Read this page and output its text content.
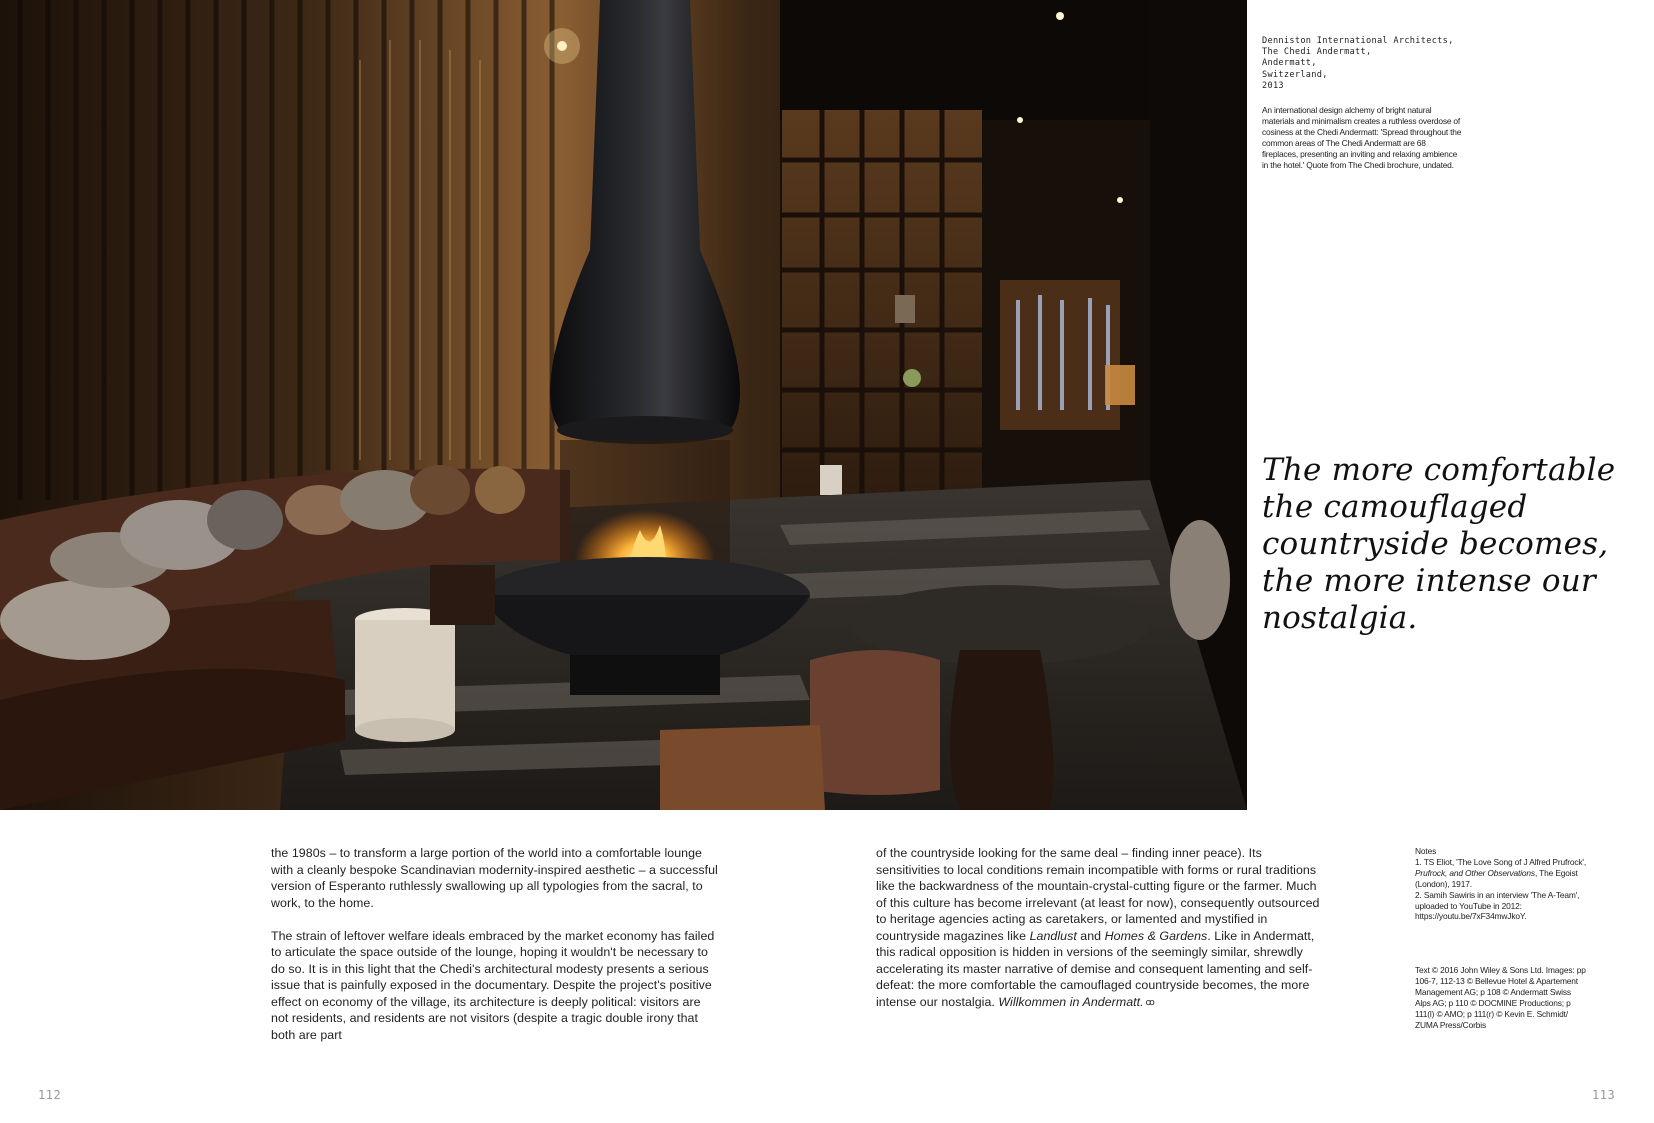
Denniston International Architects,
The Chedi Andermatt,
Andermatt,
Switzerland,
2013
An international design alchemy of bright natural materials and minimalism creates a ruthless overdose of cosiness at the Chedi Andermatt: 'Spread throughout the common areas of The Chedi Andermatt are 68 fireplaces, presenting an inviting and relaxing ambience in the hotel.' Quote from The Chedi brochure, undated.
The more comfortable the camouflaged countryside becomes, the more intense our nostalgia.

the 1980s – to transform a large portion of the world into a comfortable lounge with a cleanly bespoke Scandinavian modernity-inspired aesthetic – a successful version of Esperanto ruthlessly swallowing up all typologies from the sacral, to work, to the home.

The strain of leftover welfare ideals embraced by the market economy has failed to articulate the space outside of the lounge, hoping it wouldn't be necessary to do so. It is in this light that the Chedi's architectural modesty presents a serious issue that is painfully exposed in the documentary. Despite the project's positive effect on economy of the village, its architecture is deeply political: visitors are not residents, and residents are not visitors (despite a tragic double irony that both are part

of the countryside looking for the same deal – finding inner peace). Its sensitivities to local conditions remain incompatible with forms or rural traditions like the backwardness of the mountain-crystal-cutting figure or the farmer. Much of this culture has become irrelevant (at least for now), consequently outsourced to heritage agencies acting as caretakers, or lamented and mystified in countryside magazines like Landlust and Homes & Gardens. Like in Andermatt, this radical opposition is hidden in versions of the seemingly similar, shrewdly accelerating its master narrative of demise and consequent lamenting and self-defeat: the more comfortable the camouflaged countryside becomes, the more intense our nostalgia. Willkommen in Andermatt. ꝏ

Notes
1. TS Eliot, 'The Love Song of J Alfred Prufrock', Prufrock, and Other Observations, The Egoist (London), 1917.
2. Samih Sawiris in an interview 'The A-Team', uploaded to YouTube in 2012: https://youtu.be/7xF34mwJkoY.
Text © 2016 John Wiley & Sons Ltd. Images: pp 106-7, 112-13 © Bellevue Hotel & Apartement Management AG; p 108 © Andermatt Swiss Alps AG; p 110 © DOCMINE Productions; p 111(l) © AMO; p 111(r) © Kevin E. Schmidt/ ZUMA Press/Corbis
112	113
